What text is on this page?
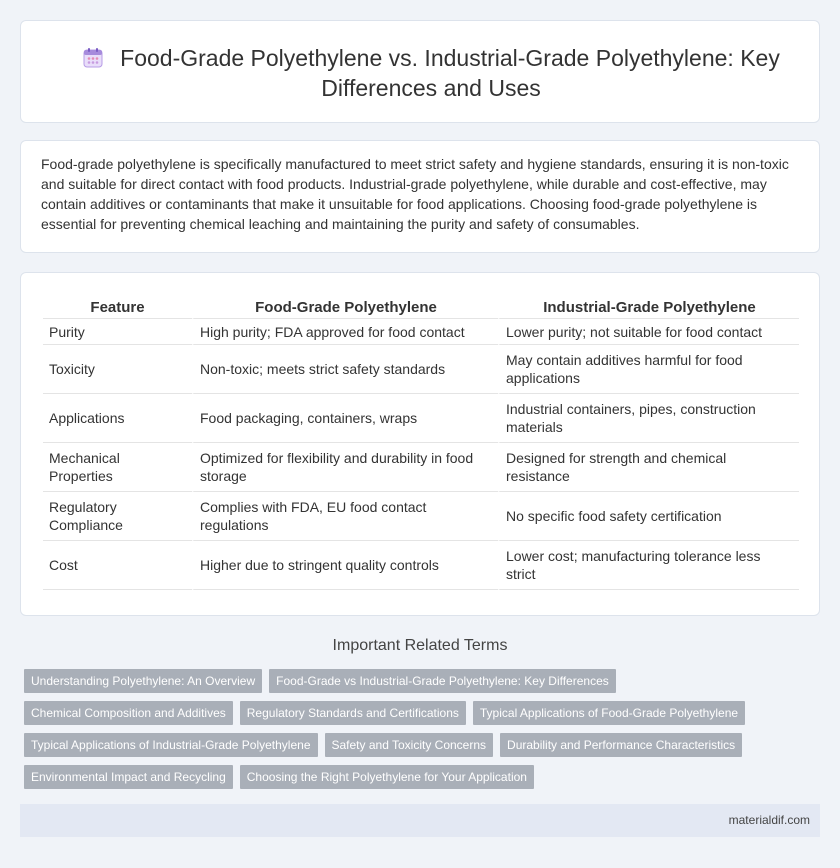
Food-Grade Polyethylene vs. Industrial-Grade Polyethylene: Key Differences and Uses

Food-grade polyethylene is specifically manufactured to meet strict safety and hygiene standards, ensuring it is non-toxic and suitable for direct contact with food products. Industrial-grade polyethylene, while durable and cost-effective, may contain additives or contaminants that make it unsuitable for food applications. Choosing food-grade polyethylene is essential for preventing chemical leaching and maintaining the purity and safety of consumables.

Feature	Food-Grade Polyethylene	Industrial-Grade Polyethylene
Purity	High purity; FDA approved for food contact	Lower purity; not suitable for food contact
Toxicity	Non-toxic; meets strict safety standards	May contain additives harmful for food applications
Applications	Food packaging, containers, wraps	Industrial containers, pipes, construction materials
Mechanical Properties	Optimized for flexibility and durability in food storage	Designed for strength and chemical resistance
Regulatory Compliance	Complies with FDA, EU food contact regulations	No specific food safety certification
Cost	Higher due to stringent quality controls	Lower cost; manufacturing tolerance less strict
Important Related Terms
Understanding Polyethylene: An Overview	Food-Grade vs Industrial-Grade Polyethylene: Key Differences
Chemical Composition and Additives	Regulatory Standards and Certifications	Typical Applications of Food-Grade Polyethylene
Typical Applications of Industrial-Grade Polyethylene	Safety and Toxicity Concerns	Durability and Performance Characteristics
Environmental Impact and Recycling	Choosing the Right Polyethylene for Your Application
materialdif.com
